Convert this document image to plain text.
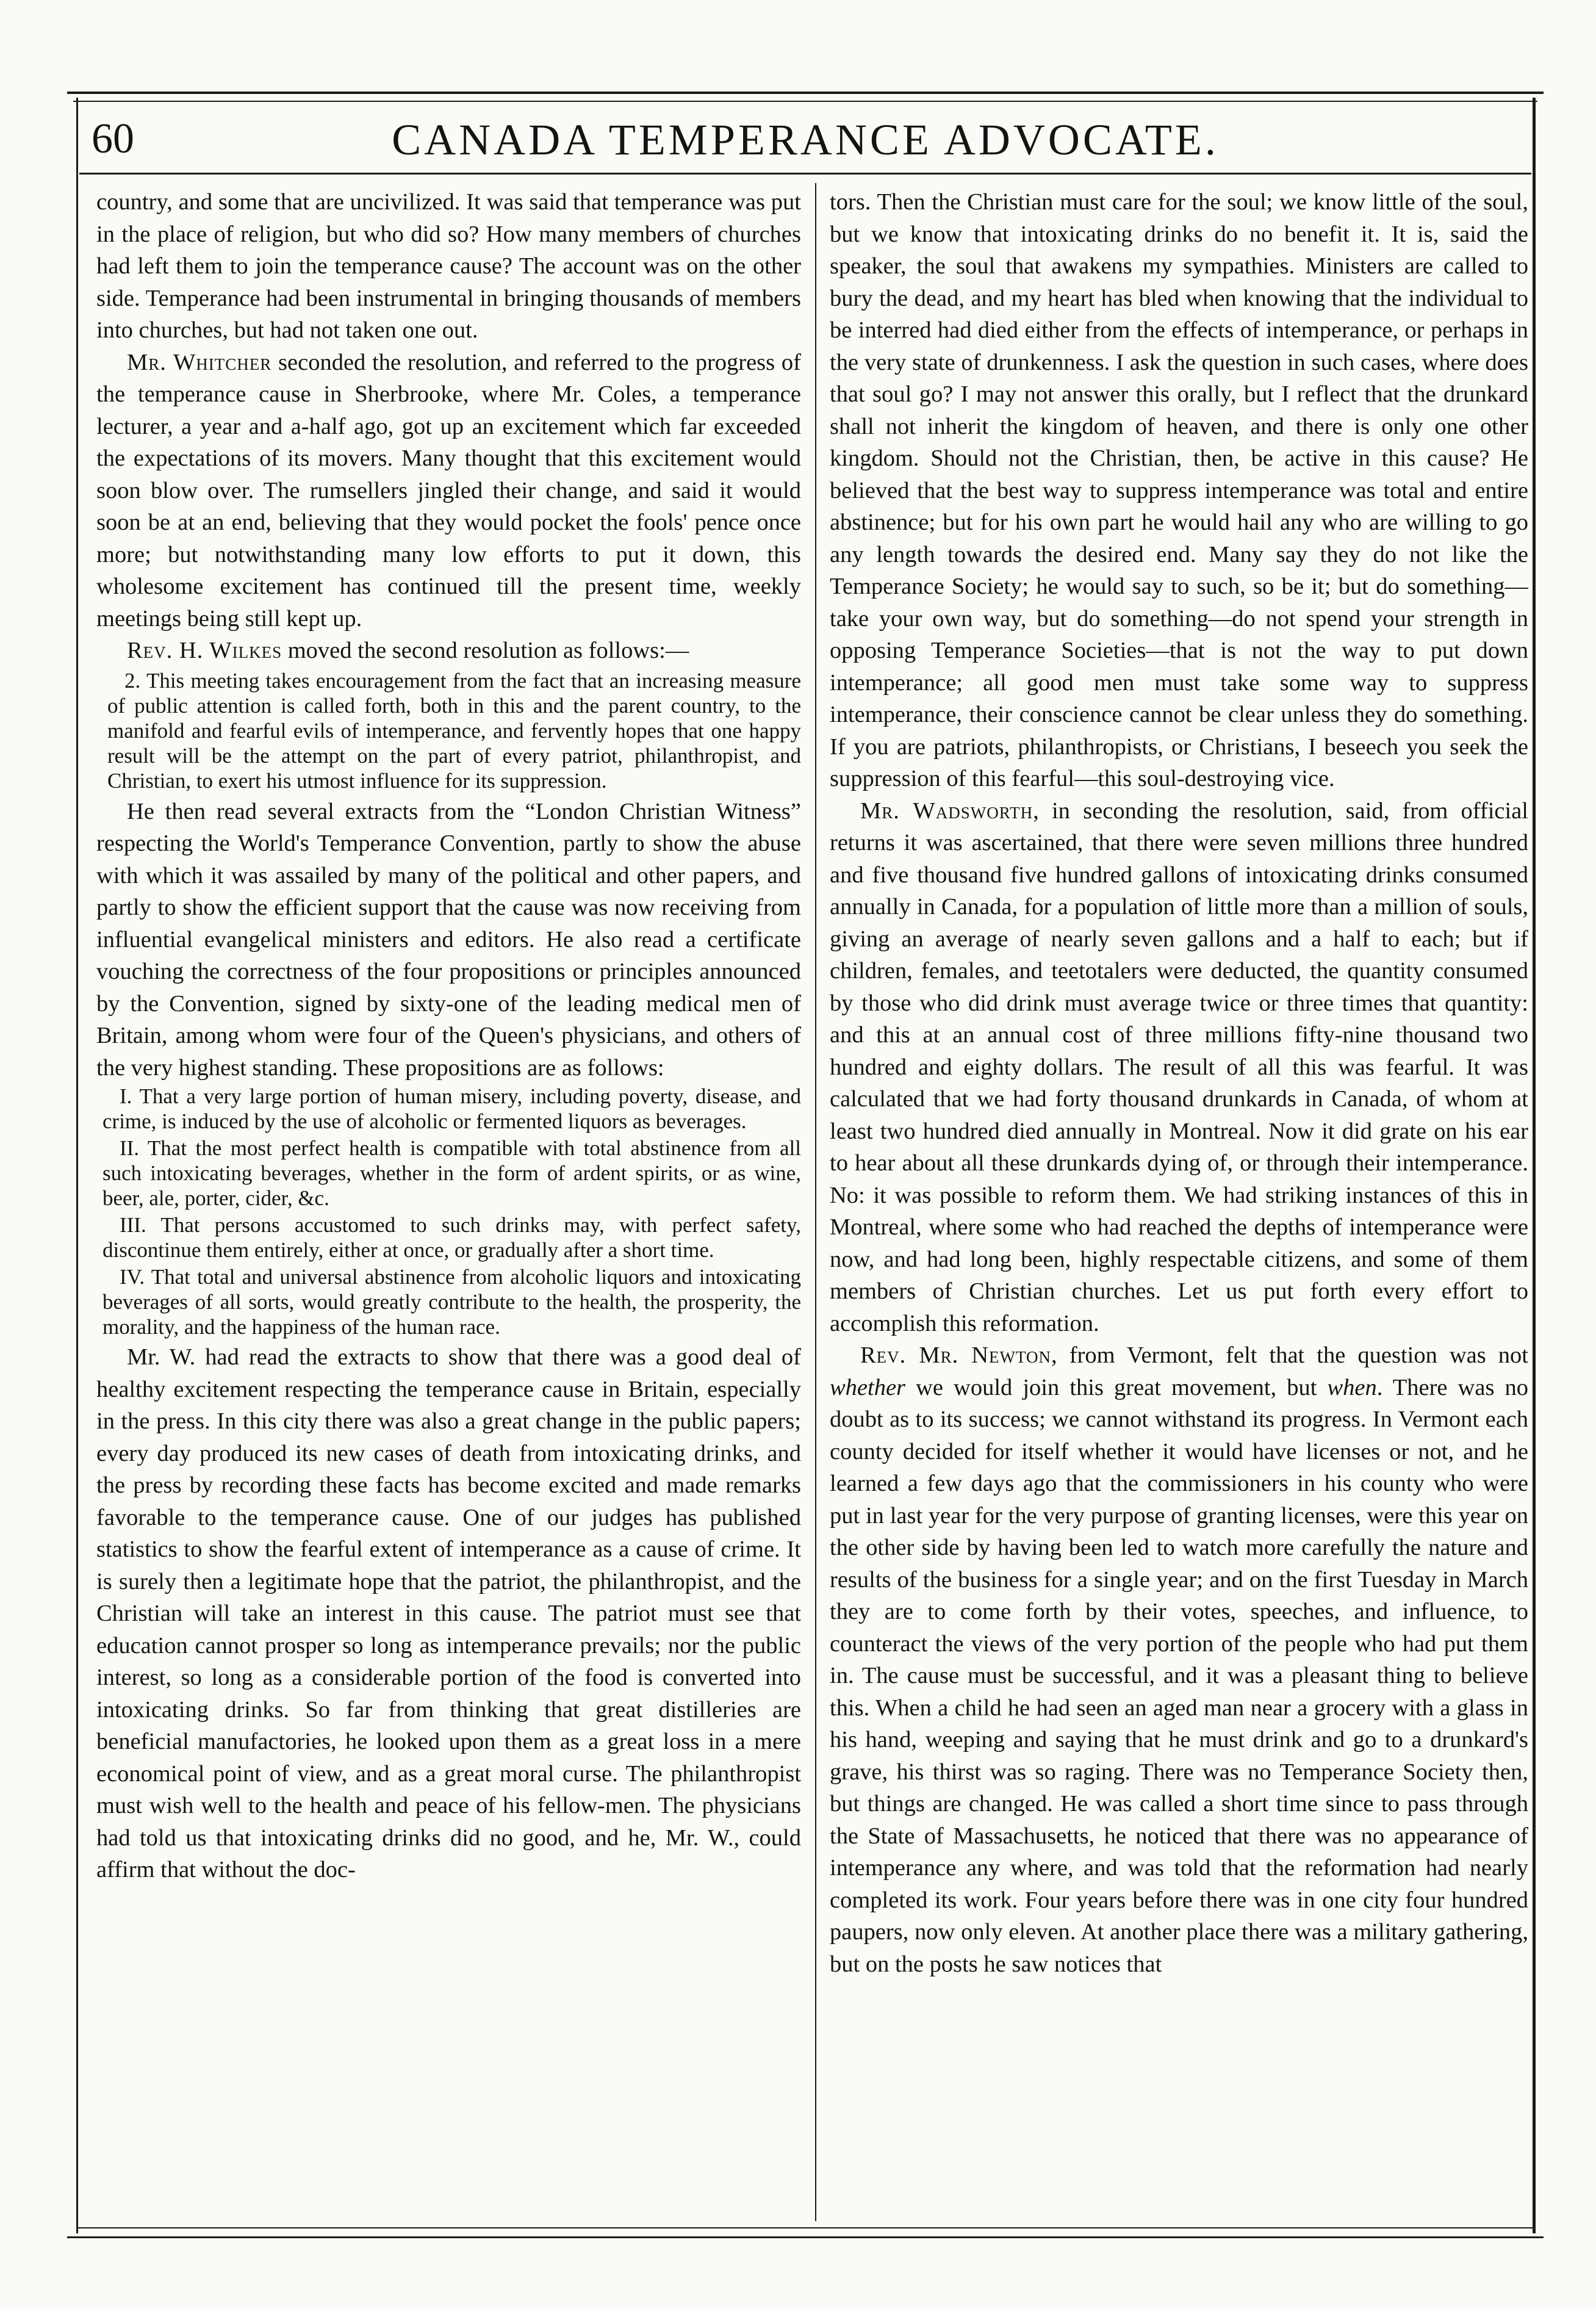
60	CANADA TEMPERANCE ADVOCATE.

country, and some that are uncivilized. It was said that temperance was put in the place of religion, but who did so? How many members of churches had left them to join the temperance cause? The account was on the other side. Temperance had been instrumental in bringing thousands of members into churches, but had not taken one out.

Mr. Whitcher seconded the resolution, and referred to the progress of the temperance cause in Sherbrooke, where Mr. Coles, a temperance lecturer, a year and a-half ago, got up an excitement which far exceeded the expectations of its movers. Many thought that this excitement would soon blow over. The rumsellers jingled their change, and said it would soon be at an end, believing that they would pocket the fools' pence once more; but notwithstanding many low efforts to put it down, this wholesome excitement has continued till the present time, weekly meetings being still kept up.

Rev. H. Wilkes moved the second resolution as follows:—

2. This meeting takes encouragement from the fact that an increasing measure of public attention is called forth, both in this and the parent country, to the manifold and fearful evils of intemperance, and fervently hopes that one happy result will be the attempt on the part of every patriot, philanthropist, and Christian, to exert his utmost influence for its suppression.

He then read several extracts from the “London Christian Witness” respecting the World's Temperance Convention, partly to show the abuse with which it was assailed by many of the political and other papers, and partly to show the efficient support that the cause was now receiving from influential evangelical ministers and editors. He also read a certificate vouching the correctness of the four propositions or principles announced by the Convention, signed by sixty-one of the leading medical men of Britain, among whom were four of the Queen's physicians, and others of the very highest standing. These propositions are as follows:

I. That a very large portion of human misery, including poverty, disease, and crime, is induced by the use of alcoholic or fermented liquors as beverages.

II. That the most perfect health is compatible with total abstinence from all such intoxicating beverages, whether in the form of ardent spirits, or as wine, beer, ale, porter, cider, &c.

III. That persons accustomed to such drinks may, with perfect safety, discontinue them entirely, either at once, or gradually after a short time.

IV. That total and universal abstinence from alcoholic liquors and intoxicating beverages of all sorts, would greatly contribute to the health, the prosperity, the morality, and the happiness of the human race.

Mr. W. had read the extracts to show that there was a good deal of healthy excitement respecting the temperance cause in Britain, especially in the press. In this city there was also a great change in the public papers; every day produced its new cases of death from intoxicating drinks, and the press by recording these facts has become excited and made remarks favorable to the temperance cause. One of our judges has published statistics to show the fearful extent of intemperance as a cause of crime. It is surely then a legitimate hope that the patriot, the philanthropist, and the Christian will take an interest in this cause. The patriot must see that education cannot prosper so long as intemperance prevails; nor the public interest, so long as a considerable portion of the food is converted into intoxicating drinks. So far from thinking that great distilleries are beneficial manufactories, he looked upon them as a great loss in a mere economical point of view, and as a great moral curse. The philanthropist must wish well to the health and peace of his fellow-men. The physicians had told us that intoxicating drinks did no good, and he, Mr. W., could affirm that without the doc-

tors. Then the Christian must care for the soul; we know little of the soul, but we know that intoxicating drinks do no benefit it. It is, said the speaker, the soul that awakens my sympathies. Ministers are called to bury the dead, and my heart has bled when knowing that the individual to be interred had died either from the effects of intemperance, or perhaps in the very state of drunkenness. I ask the question in such cases, where does that soul go? I may not answer this orally, but I reflect that the drunkard shall not inherit the kingdom of heaven, and there is only one other kingdom. Should not the Christian, then, be active in this cause? He believed that the best way to suppress intemperance was total and entire abstinence; but for his own part he would hail any who are willing to go any length towards the desired end. Many say they do not like the Temperance Society; he would say to such, so be it; but do something—take your own way, but do something—do not spend your strength in opposing Temperance Societies—that is not the way to put down intemperance; all good men must take some way to suppress intemperance, their conscience cannot be clear unless they do something. If you are patriots, philanthropists, or Christians, I beseech you seek the suppression of this fearful—this soul-destroying vice.

Mr. Wadsworth, in seconding the resolution, said, from official returns it was ascertained, that there were seven millions three hundred and five thousand five hundred gallons of intoxicating drinks consumed annually in Canada, for a population of little more than a million of souls, giving an average of nearly seven gallons and a half to each; but if children, females, and teetotalers were deducted, the quantity consumed by those who did drink must average twice or three times that quantity: and this at an annual cost of three millions fifty-nine thousand two hundred and eighty dollars. The result of all this was fearful. It was calculated that we had forty thousand drunkards in Canada, of whom at least two hundred died annually in Montreal. Now it did grate on his ear to hear about all these drunkards dying of, or through their intemperance. No: it was possible to reform them. We had striking instances of this in Montreal, where some who had reached the depths of intemperance were now, and had long been, highly respectable citizens, and some of them members of Christian churches. Let us put forth every effort to accomplish this reformation.

Rev. Mr. Newton, from Vermont, felt that the question was not whether we would join this great movement, but when. There was no doubt as to its success; we cannot withstand its progress. In Vermont each county decided for itself whether it would have licenses or not, and he learned a few days ago that the commissioners in his county who were put in last year for the very purpose of granting licenses, were this year on the other side by having been led to watch more carefully the nature and results of the business for a single year; and on the first Tuesday in March they are to come forth by their votes, speeches, and influence, to counteract the views of the very portion of the people who had put them in. The cause must be successful, and it was a pleasant thing to believe this. When a child he had seen an aged man near a grocery with a glass in his hand, weeping and saying that he must drink and go to a drunkard's grave, his thirst was so raging. There was no Temperance Society then, but things are changed. He was called a short time since to pass through the State of Massachusetts, he noticed that there was no appearance of intemperance any where, and was told that the reformation had nearly completed its work. Four years before there was in one city four hundred paupers, now only eleven. At another place there was a military gathering, but on the posts he saw notices that
